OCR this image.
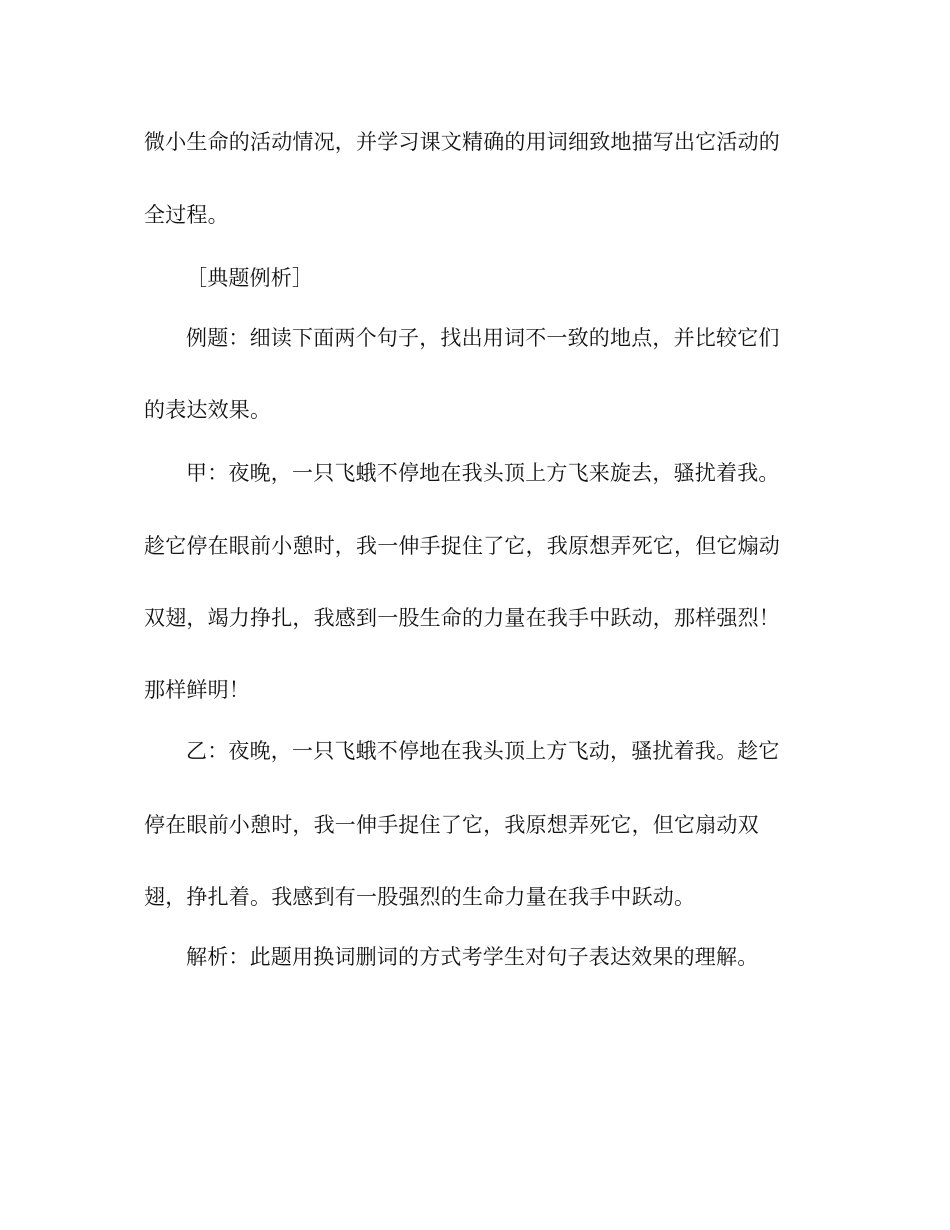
微小生命的活动情况，并学习课文精确的用词细致地描写出它活动的
全过程。
［典题例析］
例题：细读下面两个句子，找出用词不一致的地点，并比较它们
的表达效果。
甲：夜晚，一只飞蛾不停地在我头顶上方飞来旋去，骚扰着我。
趁它停在眼前小憩时，我一伸手捉住了它，我原想弄死它，但它煽动
双翅，竭力挣扎，我感到一股生命的力量在我手中跃动，那样强烈！
那样鲜明！
乙：夜晚，一只飞蛾不停地在我头顶上方飞动，骚扰着我。趁它
停在眼前小憩时，我一伸手捉住了它，我原想弄死它，但它扇动双
翅，挣扎着。我感到有一股强烈的生命力量在我手中跃动。
解析：此题用换词删词的方式考学生对句子表达效果的理解。
